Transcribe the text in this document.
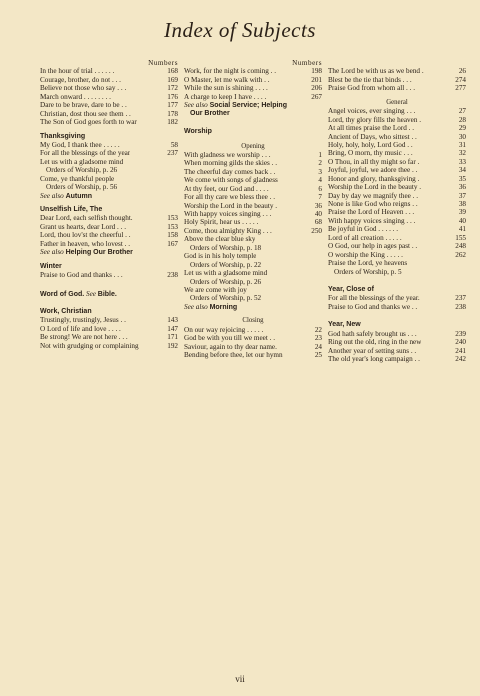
Index of Subjects
Numbers
In the hour of trial . . . . . .	168
Courage, brother, do not . . .	169
Believe not those who say . . .	172
March onward . . . . . . . .	176
Dare to be brave, dare to be . .	177
Christian, dost thou see them . .	178
The Son of God goes forth to war	182
Thanksgiving
My God, I thank thee . . . . .	58
For all the blessings of the year	237
Let us with a gladsome mind
Orders of Worship, p. 26
Come, ye thankful people
Orders of Worship, p. 56
See also Autumn
Unselfish Life, The
Dear Lord, each selfish thought.	153
Grant us hearts, dear Lord . . .	153
Lord, thou lov'st the cheerful . .	158
Father in heaven, who lovest . .	167
See also Helping Our Brother
Winter
Praise to God and thanks . . .	238
Word of God. See Bible.
Work, Christian
Trustingly, trustingly, Jesus . .	143
O Lord of life and love . . . .	147
Be strong! We are not here . . .	171
Not with grudging or complaining	192
Numbers
Work, for the night is coming . .	198
O Master, let me walk with . .	201
While the sun is shining . . . .	206
A charge to keep I have . . . .	267
See also Social Service; Helping
Our Brother
Worship
Opening
With gladness we worship . . .	1
When morning gilds the skies . .	2
The cheerful day comes back . .	3
We come with songs of gladness	4
At thy feet, our God and . . . .	6
For all thy care we bless thee . .	7
Worship the Lord in the beauty .	36
With happy voices singing . . .	40
Holy Spirit, hear us . . . . .	68
Come, thou almighty King . . .	250
Above the clear blue sky
Orders of Worship, p. 18
God is in his holy temple
Orders of Worship, p. 22
Let us with a gladsome mind
Orders of Worship, p. 26
We are come with joy
Orders of Worship, p. 52
See also Morning
Closing
On our way rejoicing . . . . .	22
God be with you till we meet . .	23
Saviour, again to thy dear name.	24
Bending before thee, let our hymn	25
The Lord be with us as we bend .	26
Blest be the tie that binds . . .	274
Praise God from whom all . . .	277
General
Angel voices, ever singing . . .	27
Lord, thy glory fills the heaven .	28
At all times praise the Lord . .	29
Ancient of Days, who sittest . .	30
Holy, holy, holy, Lord God . .	31
Bring, O morn, thy music . . .	32
O Thou, in all thy might so far .	33
Joyful, joyful, we adore thee . .	34
Honor and glory, thanksgiving .	35
Worship the Lord in the beauty .	36
Day by day we magnify thee . .	37
None is like God who reigns . .	38
Praise the Lord of Heaven . . .	39
With happy voices singing . . .	40
Be joyful in God . . . . . .	41
Lord of all creation . . . . .	155
O God, our help in ages past . .	248
O worship the King . . . . .	262
Praise the Lord, ye heavens
Orders of Worship, p. 5
Year, Close of
For all the blessings of the year.	237
Praise to God and thanks we . .	238
Year, New
God hath safely brought us . . .	239
Ring out the old, ring in the new	240
Another year of setting suns . .	241
The old year's long campaign . .	242
vii
